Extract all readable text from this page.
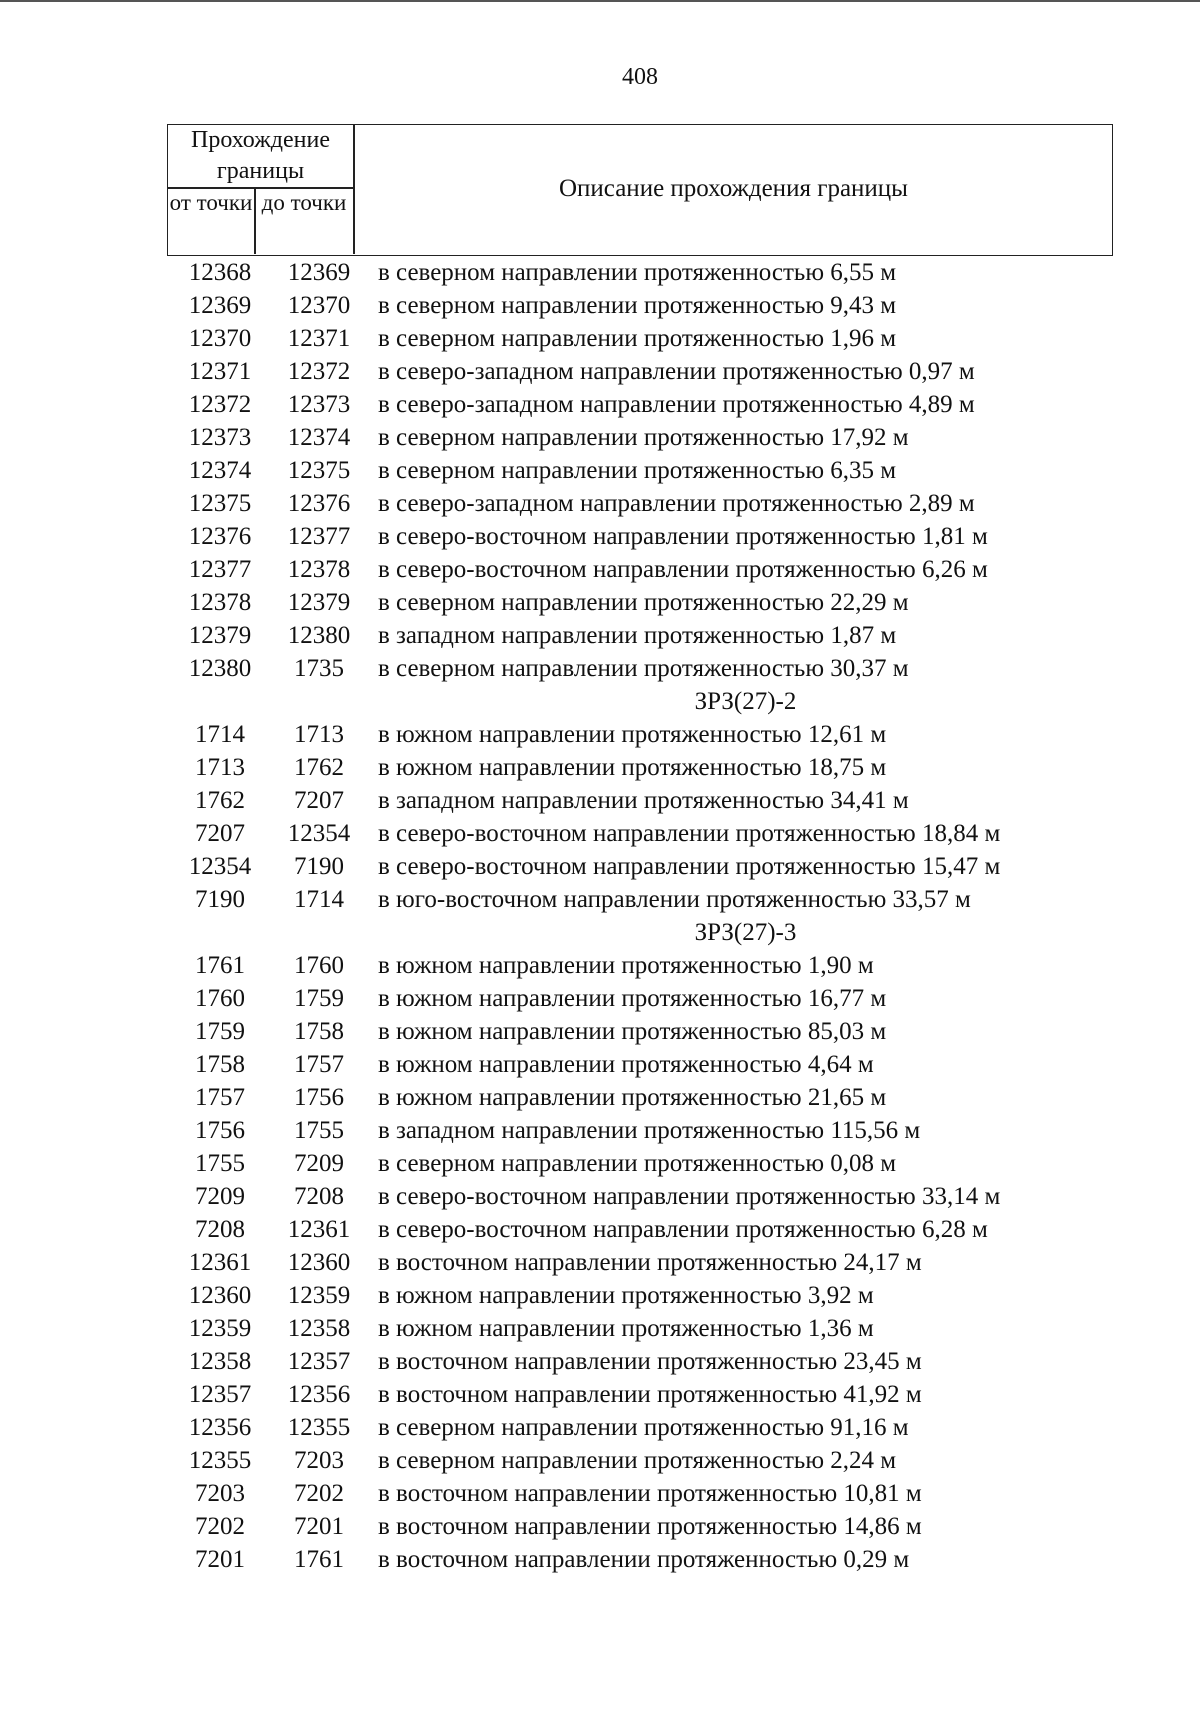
408
Прохождение границы
от точки до точки
Описание прохождения границы
12368	12369	в северном направлении протяженностью 6,55 м
12369	12370	в северном направлении протяженностью 9,43 м
12370	12371	в северном направлении протяженностью 1,96 м
12371	12372	в северо-западном направлении протяженностью 0,97 м
12372	12373	в северо-западном направлении протяженностью 4,89 м
12373	12374	в северном направлении протяженностью 17,92 м
12374	12375	в северном направлении протяженностью 6,35 м
12375	12376	в северо-западном направлении протяженностью 2,89 м
12376	12377	в северо-восточном направлении протяженностью 1,81 м
12377	12378	в северо-восточном направлении протяженностью 6,26 м
12378	12379	в северном направлении протяженностью 22,29 м
12379	12380	в западном направлении протяженностью 1,87 м
12380	1735	в северном направлении протяженностью 30,37 м
ЗРЗ(27)-2
1714	1713	в южном направлении протяженностью 12,61 м
1713	1762	в южном направлении протяженностью 18,75 м
1762	7207	в западном направлении протяженностью 34,41 м
7207	12354	в северо-восточном направлении протяженностью 18,84 м
12354	7190	в северо-восточном направлении протяженностью 15,47 м
7190	1714	в юго-восточном направлении протяженностью 33,57 м
ЗРЗ(27)-3
1761	1760	в южном направлении протяженностью 1,90 м
1760	1759	в южном направлении протяженностью 16,77 м
1759	1758	в южном направлении протяженностью 85,03 м
1758	1757	в южном направлении протяженностью 4,64 м
1757	1756	в южном направлении протяженностью 21,65 м
1756	1755	в западном направлении протяженностью 115,56 м
1755	7209	в северном направлении протяженностью 0,08 м
7209	7208	в северо-восточном направлении протяженностью 33,14 м
7208	12361	в северо-восточном направлении протяженностью 6,28 м
12361	12360	в восточном направлении протяженностью 24,17 м
12360	12359	в южном направлении протяженностью 3,92 м
12359	12358	в южном направлении протяженностью 1,36 м
12358	12357	в восточном направлении протяженностью 23,45 м
12357	12356	в восточном направлении протяженностью 41,92 м
12356	12355	в северном направлении протяженностью 91,16 м
12355	7203	в северном направлении протяженностью 2,24 м
7203	7202	в восточном направлении протяженностью 10,81 м
7202	7201	в восточном направлении протяженностью 14,86 м
7201	1761	в восточном направлении протяженностью 0,29 м
